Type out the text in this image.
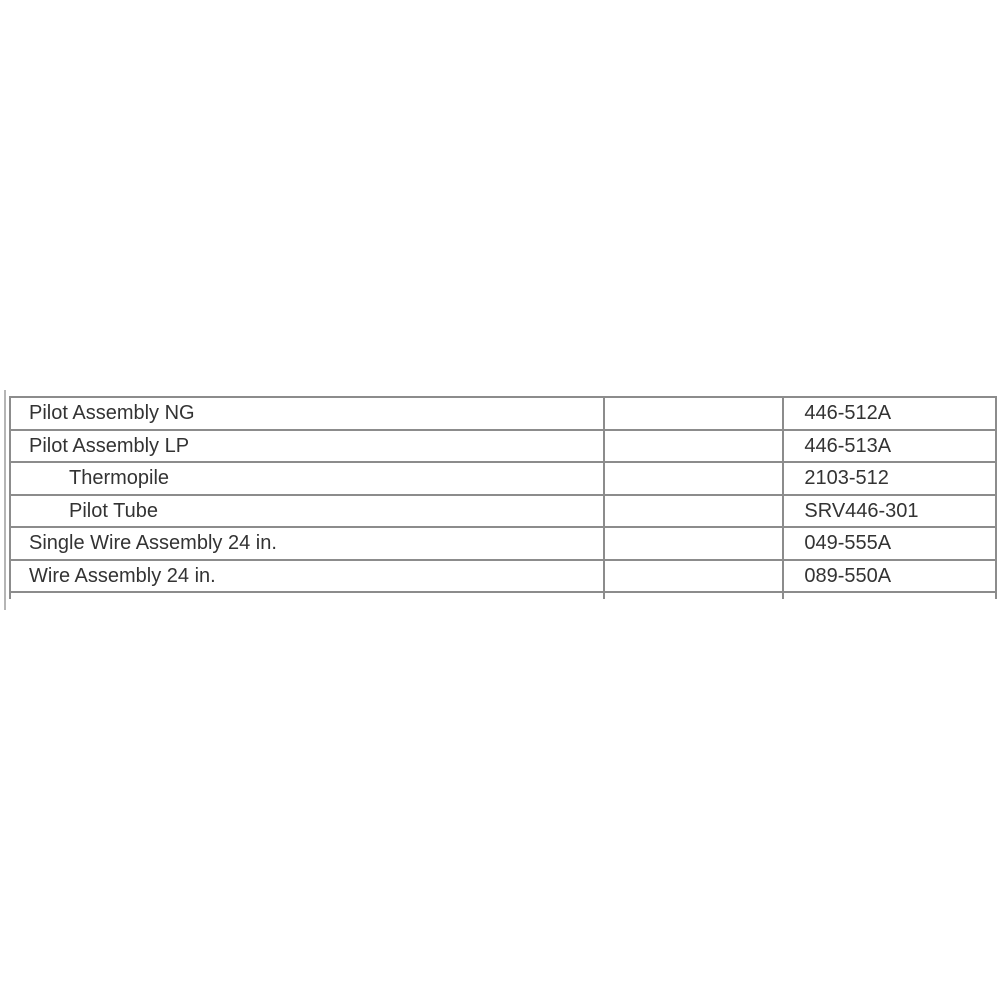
Pilot Assembly NG		446-512A
Pilot Assembly LP		446-513A
Thermopile		2103-512
Pilot Tube		SRV446-301
Single Wire Assembly 24 in.		049-555A
Wire Assembly 24 in.		089-550A
